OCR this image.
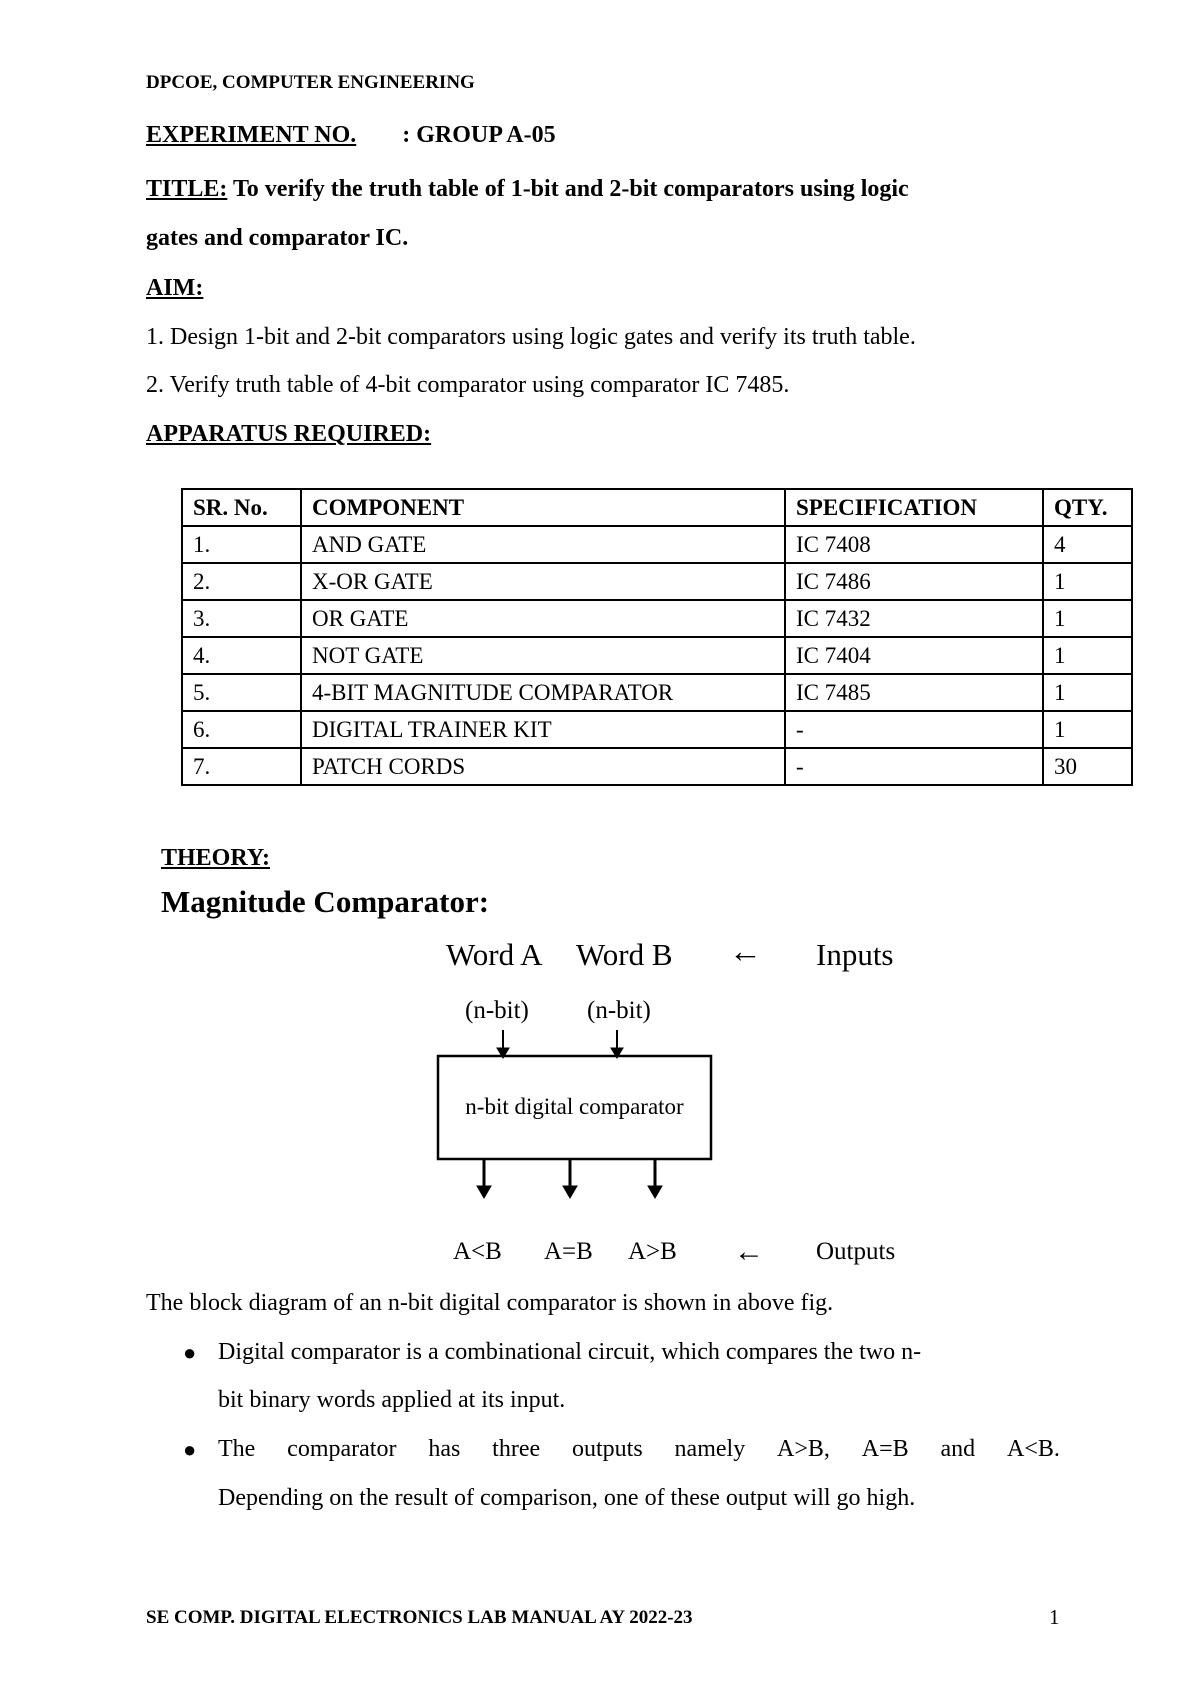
DPCOE, COMPUTER ENGINEERING
EXPERIMENT NO. : GROUP A-05
TITLE: To verify the truth table of 1-bit and 2-bit comparators using logic
gates and comparator IC.
AIM:
1. Design 1-bit and 2-bit comparators using logic gates and verify its truth table.
2. Verify truth table of 4-bit comparator using comparator IC 7485.
APPARATUS REQUIRED:
SR. No.	COMPONENT	SPECIFICATION	QTY.
1.	AND GATE	IC 7408	4
2.	X-OR GATE	IC 7486	1
3.	OR GATE	IC 7432	1
4.	NOT GATE	IC 7404	1
5.	4-BIT MAGNITUDE COMPARATOR	IC 7485	1
6.	DIGITAL TRAINER KIT	-	1
7.	PATCH CORDS	-	30
THEORY:
Magnitude Comparator:
Word A Word B ← Inputs
(n-bit) (n-bit)
n-bit digital comparator
A<B A=B A>B ← Outputs
The block diagram of an n-bit digital comparator is shown in above fig.
● Digital comparator is a combinational circuit, which compares the two n-
bit binary words applied at its input.
● The comparator has three outputs namely A>B, A=B and A<B.
Depending on the result of comparison, one of these output will go high.
SE COMP. DIGITAL ELECTRONICS LAB MANUAL AY 2022-23	1
